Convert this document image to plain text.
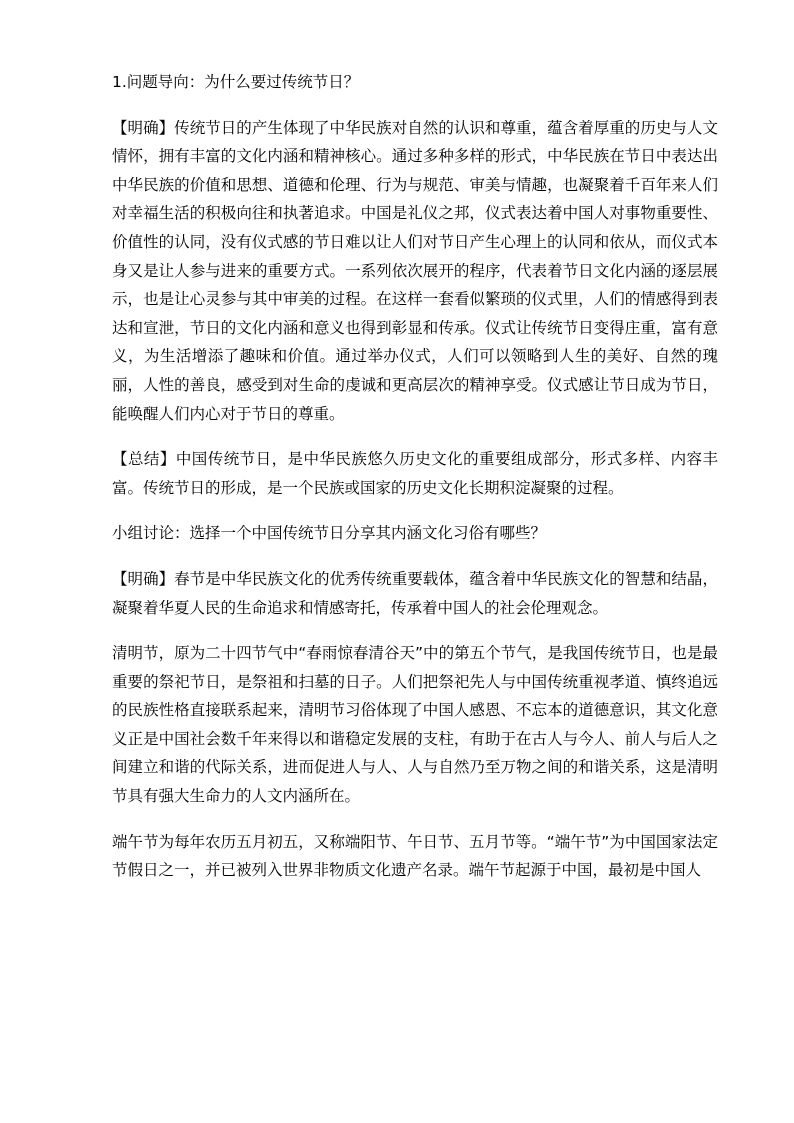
1.问题导向：为什么要过传统节日？

【明确】传统节日的产生体现了中华民族对自然的认识和尊重，蕴含着厚重的历史与人文情怀，拥有丰富的文化内涵和精神核心。通过多种多样的形式，中华民族在节日中表达出中华民族的价值和思想、道德和伦理、行为与规范、审美与情趣，也凝聚着千百年来人们对幸福生活的积极向往和执著追求。中国是礼仪之邦，仪式表达着中国人对事物重要性、价值性的认同，没有仪式感的节日难以让人们对节日产生心理上的认同和依从，而仪式本身又是让人参与进来的重要方式。一系列依次展开的程序，代表着节日文化内涵的逐层展示，也是让心灵参与其中审美的过程。在这样一套看似繁琐的仪式里，人们的情感得到表达和宣泄，节日的文化内涵和意义也得到彰显和传承。仪式让传统节日变得庄重，富有意义，为生活增添了趣味和价值。通过举办仪式，人们可以领略到人生的美好、自然的瑰丽，人性的善良，感受到对生命的虔诚和更高层次的精神享受。仪式感让节日成为节日，能唤醒人们内心对于节日的尊重。

【总结】中国传统节日，是中华民族悠久历史文化的重要组成部分，形式多样、内容丰富。传统节日的形成，是一个民族或国家的历史文化长期积淀凝聚的过程。

小组讨论：选择一个中国传统节日分享其内涵文化习俗有哪些？

【明确】春节是中华民族文化的优秀传统重要载体，蕴含着中华民族文化的智慧和结晶，凝聚着华夏人民的生命追求和情感寄托，传承着中国人的社会伦理观念。

清明节，原为二十四节气中“春雨惊春清谷天”中的第五个节气，是我国传统节日，也是最重要的祭祀节日，是祭祖和扫墓的日子。人们把祭祀先人与中国传统重视孝道、慎终追远的民族性格直接联系起来，清明节习俗体现了中国人感恩、不忘本的道德意识，其文化意义正是中国社会数千年来得以和谐稳定发展的支柱，有助于在古人与今人、前人与后人之间建立和谐的代际关系，进而促进人与人、人与自然乃至万物之间的和谐关系，这是清明节具有强大生命力的人文内涵所在。

端午节为每年农历五月初五，又称端阳节、午日节、五月节等。“端午节”为中国国家法定节假日之一，并已被列入世界非物质文化遗产名录。端午节起源于中国，最初是中国人
